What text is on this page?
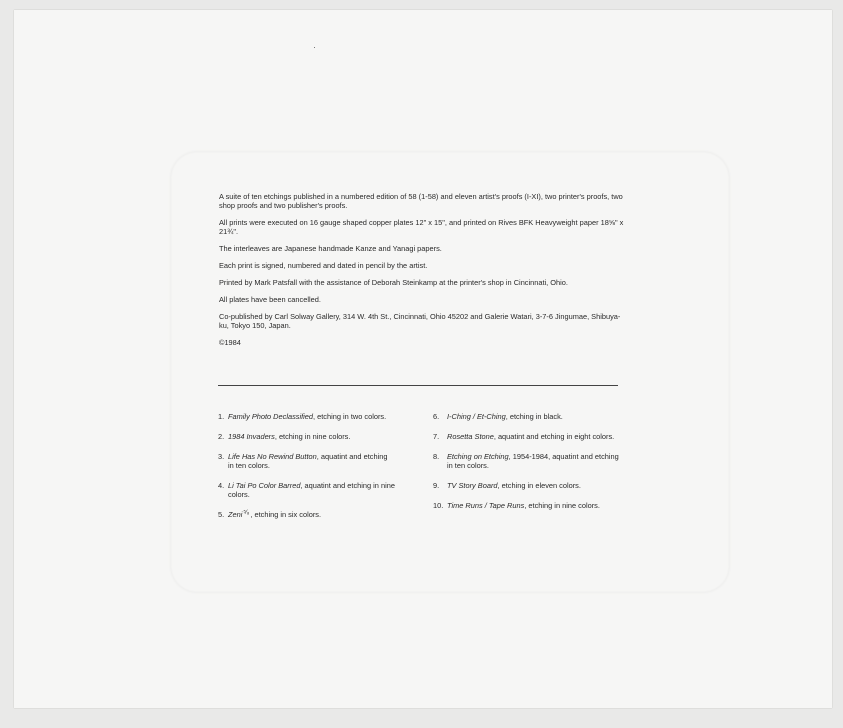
A suite of ten etchings published in a numbered edition of 58 (1-58) and eleven artist's proofs (I-XI), two printer's proofs, two shop proofs and two publisher's proofs.

All prints were executed on 16 gauge shaped copper plates 12" x 15", and printed on Rives BFK Heavyweight paper 18⅝" x 21¾".

The interleaves are Japanese handmade Kanze and Yanagi papers.

Each print is signed, numbered and dated in pencil by the artist.

Printed by Mark Patsfall with the assistance of Deborah Steinkamp at the printer's shop in Cincinnati, Ohio.

All plates have been cancelled.

Co-published by Carl Solway Gallery, 314 W. 4th St., Cincinnati, Ohio 45202 and Galerie Watari, 3-7-6 Jingumae, Shibuya-ku, Tokyo 150, Japan.

©1984

1. Family Photo Declassified, etching in two colors.
2. 1984 Invaders, etching in nine colors.
3. Life Has No Rewind Button, aquatint and etching in ten colors.
4. Li Tai Po Color Barred, aquatint and etching in nine colors.
5. Zeni$^{^5⁄_8}$, etching in six colors.
6. I-Ching / Et-Ching, etching in black.
7. Rosetta Stone, aquatint and etching in eight colors.
8. Etching on Etching, 1954-1984, aquatint and etching in ten colors.
9. TV Story Board, etching in eleven colors.
10. Time Runs / Tape Runs, etching in nine colors.
